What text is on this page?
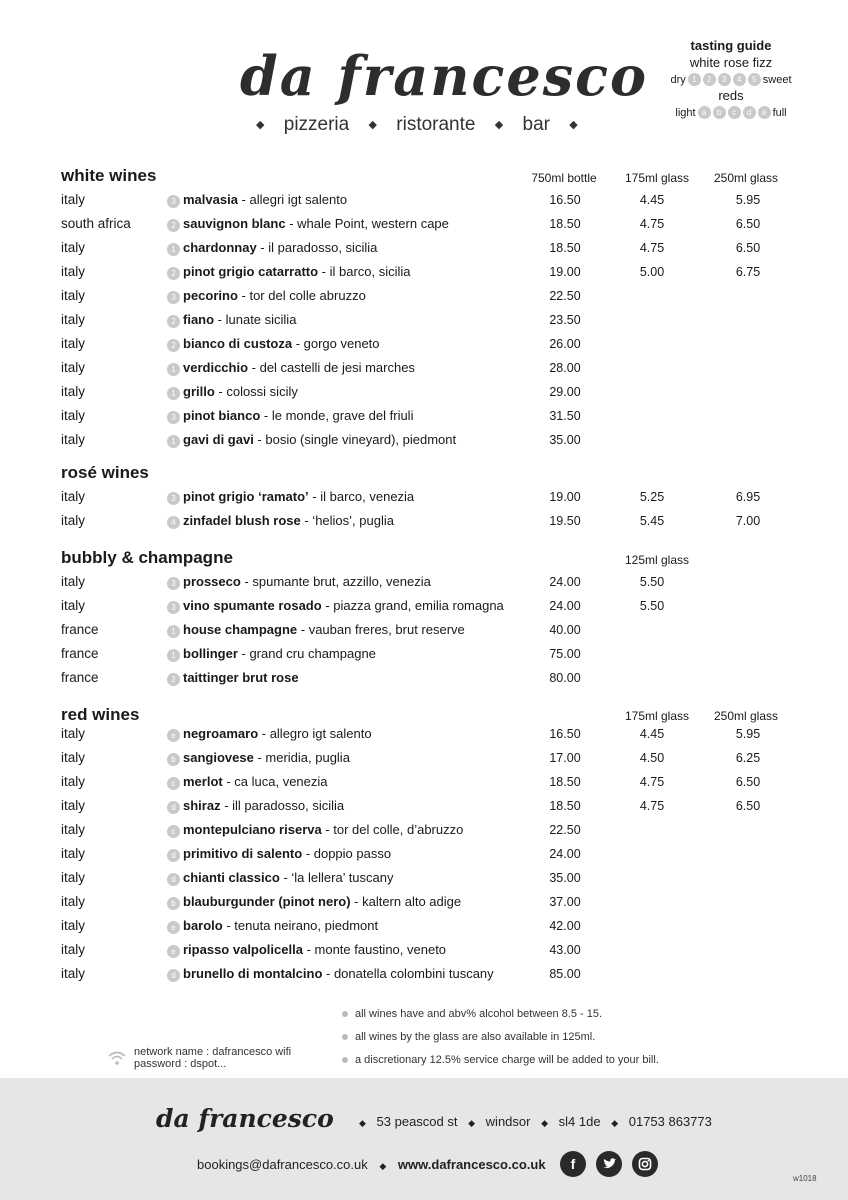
da francesco
◆ pizzeria ◆ ristorante ◆ bar ◆
tasting guide
white rose fizz
dry 1	2	3	4	5 sweet
reds
light a	b	c	d	e full
white wines	750ml bottle	175ml glass	250ml glass
italy	3 malvasia - allegri igt salento	16.50	4.45	5.95
south africa	2 sauvignon blanc - whale Point, western cape	18.50	4.75	6.50
italy	1 chardonnay - il paradosso, sicilia	18.50	4.75	6.50
italy	2 pinot grigio catarratto - il barco, sicilia	19.00	5.00	6.75
italy	3 pecorino - tor del colle abruzzo	22.50
italy	2 fiano - lunate sicilia	23.50
italy	2 bianco di custoza - gorgo veneto	26.00
italy	1 verdicchio - del castelli de jesi marches	28.00
italy	1 grillo - colossi sicily	29.00
italy	3 pinot bianco - le monde, grave del friuli	31.50
italy	1 gavi di gavi - bosio (single vineyard), piedmont	35.00
rosé wines
italy	3 pinot grigio ‘ramato’ - il barco, venezia	19.00	5.25	6.95
italy	4 zinfadel blush rose - ‘helios’, puglia	19.50	5.45	7.00
bubbly & champagne	125ml glass
italy	3 prosseco - spumante brut, azzillo, venezia	24.00	5.50
italy	3 vino spumante rosado - piazza grand, emilia romagna	24.00	5.50
france	1 house champagne - vauban freres, brut reserve	40.00
france	1 bollinger - grand cru champagne	75.00
france	2 taittinger brut rose	80.00
red wines	175ml glass	250ml glass
italy	e negroamaro - allegro igt salento	16.50	4.45	5.95
italy	b sangiovese - meridia, puglia	17.00	4.50	6.25
italy	c merlot - ca luca, venezia	18.50	4.75	6.50
italy	d shiraz - ill paradosso, sicilia	18.50	4.75	6.50
italy	c montepulciano riserva - tor del colle, d’abruzzo	22.50
italy	d primitivo di salento - doppio passo	24.00
italy	d chianti classico - ‘la lellera’ tuscany	35.00
italy	b blauburgunder (pinot nero) - kaltern alto adige	37.00
italy	e barolo - tenuta neirano, piedmont	42.00
italy	e ripasso valpolicella - monte faustino, veneto	43.00
italy	d brunello di montalcino - donatella colombini tuscany	85.00
all wines have and abv% alcohol between 8.5 - 15.
all wines by the glass are also available in 125ml.
a discretionary 12.5% service charge will be added to your bill.
network name : dafrancesco wifi
password : dspot...
da francesco	◆ 53 peascod st ◆ windsor ◆ sl4 1de ◆ 01753 863773
bookings@dafrancesco.co.uk ◆ www.dafrancesco.co.uk	f
w1018
